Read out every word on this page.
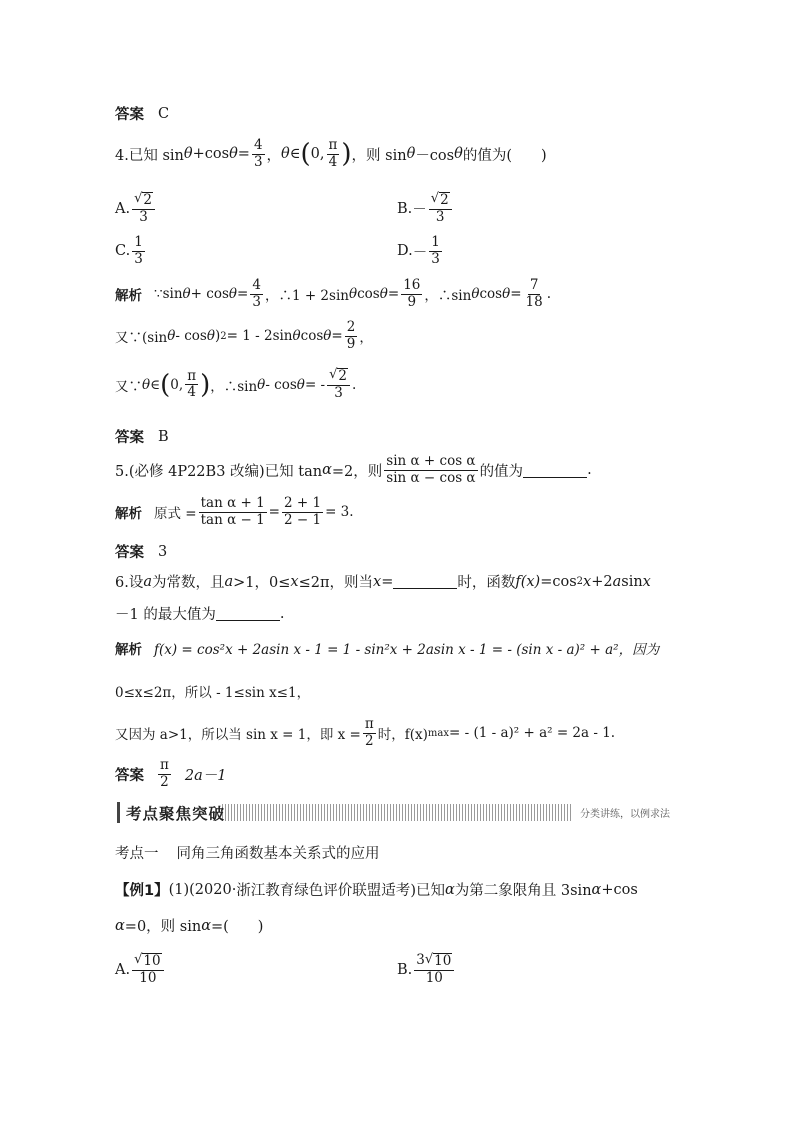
答案 C
4.已知 sin θ +cos $\theta = \frac{4}{3}$ ， θ ∈ ( 0, $\frac{\pi}{4}$ ) ，则 sin θ －cos θ 的值为(　　)
A. $\frac{√ 2}{3}$	B. － $\frac{√ 2}{3}$
C. $\frac{1}{3}$	D. － $\frac{1}{3}$
解析 ∵sin $\theta + \cos \theta = \frac{4}{3}$ ，∴1 + 2sin θ $\cos \theta = \frac{16}{9}$ ，∴sin θ $\cos \theta = \frac{7}{18}$ .
又∵(sin θ - cos θ ) 2 = 1 - 2sin θ $\cos \theta = \frac{2}{9}$ ，
又∵ θ ∈ ( 0, $\frac{\pi}{4}$ ) ，∴sin θ - cos θ = - $\frac{√ 2}{3}$ .
答案 B
5.(必修 4P22B3 改编)已知 tan α =2，则 $\frac{\text{sin α + cos α}}{\text{sin α − cos α}}$ 的值为	.
解析 原式 = $\frac{\text{tan α + 1}}{\text{tan α − 1}} = \frac{2 + 1}{2 - 1} = 3$.
答案 3
6.设 a 为常数，且 a >1，0≤ x ≤2π，则当 x =	时，函数 f(x) =cos 2 x +2 a sin x
－1 的最大值为	.
解析 f(x) = cos²x + 2asin x - 1 = 1 - sin²x + 2asin x - 1 = - (sin x - a)² + a²，因为
0≤x≤2π，所以 - 1≤sin x≤1，
又因为 a>1，所以当 sin x = 1，即 $x = \frac{\pi}{2}$ 时，f(x) max = - (1 - a)² + a² = 2a - 1.
答案 $\frac{\pi}{2} 2a-1$
考点聚焦突破	分类讲练，以例求法
考点一 同角三角函数基本关系式的应用
【例1】 (1)(2020· 浙江教育绿色评价联盟适考 )已知 α 为第二象限角且 3sin α +cos
α =0，则 sin α =(　　)
A. $\frac{√ 10}{10}$	B. $\frac{3 √ 10}{10}$
